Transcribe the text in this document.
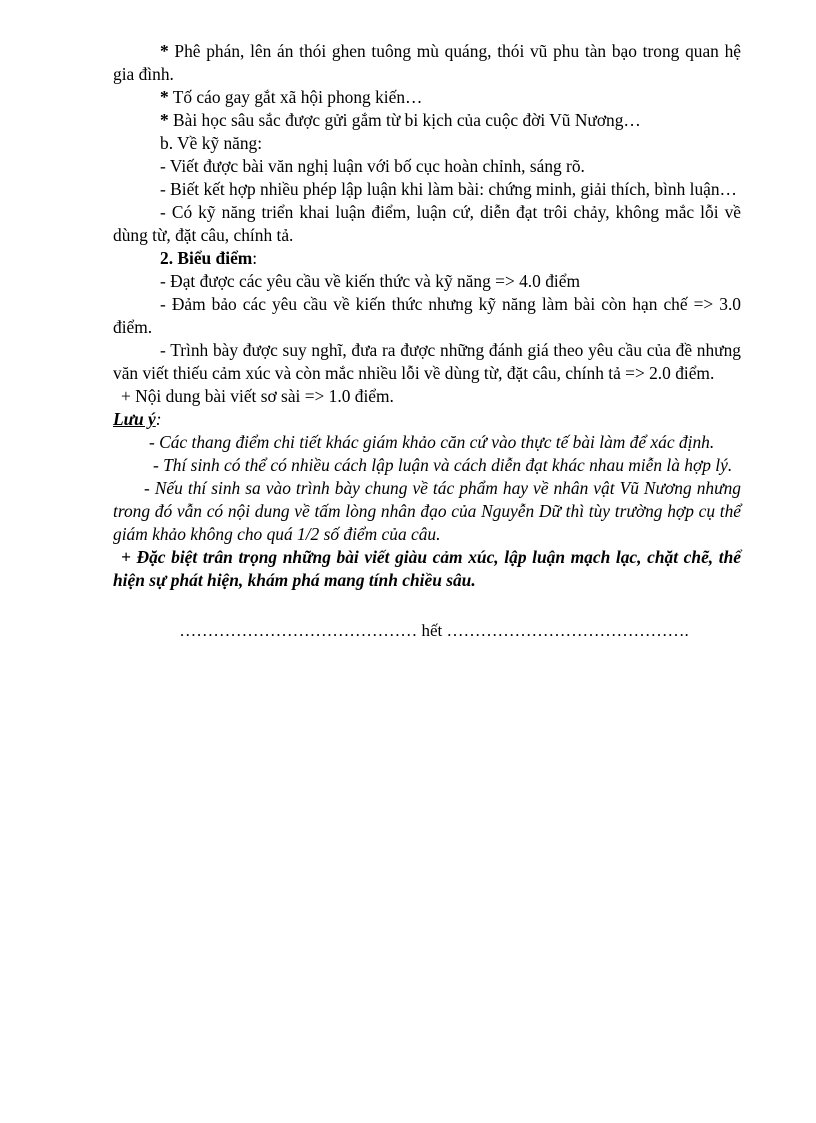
* Phê phán, lên án thói ghen tuông mù quáng, thói vũ phu tàn bạo trong quan hệ gia đình.

* Tố cáo gay gắt xã hội phong kiến…

* Bài học sâu sắc được gửi gắm từ bi kịch của cuộc đời Vũ Nương…

b. Về kỹ năng:

- Viết được bài văn nghị luận với bố cục hoàn chỉnh, sáng rõ.

- Biết kết hợp nhiều phép lập luận khi làm bài: chứng minh, giải thích, bình luận…

- Có kỹ năng triển khai luận điểm, luận cứ, diễn đạt trôi chảy, không mắc lỗi về dùng từ, đặt câu, chính tả.

2. Biểu điểm:

- Đạt được các yêu cầu về kiến thức và kỹ năng => 4.0 điểm

- Đảm bảo các yêu cầu về kiến thức nhưng kỹ năng làm bài còn hạn chế => 3.0 điểm.

- Trình bày được suy nghĩ, đưa ra được những đánh giá theo yêu cầu của đề nhưng văn viết thiếu cảm xúc và còn mắc nhiều lỗi về dùng từ, đặt câu, chính tả => 2.0 điểm.

+ Nội dung bài viết sơ sài => 1.0 điểm.

Lưu ý:

- Các thang điểm chi tiết khác giám khảo căn cứ vào thực tế bài làm để xác định.

- Thí sinh có thể có nhiều cách lập luận và cách diễn đạt khác nhau miễn là hợp lý.

- Nếu thí sinh sa vào trình bày chung về tác phẩm hay về nhân vật Vũ Nương nhưng trong đó vẫn có nội dung về tấm lòng nhân đạo của Nguyễn Dữ thì tùy trường hợp cụ thể giám khảo không cho quá 1/2 số điểm của câu.

+ Đặc biệt trân trọng những bài viết giàu cảm xúc, lập luận mạch lạc, chặt chẽ, thể hiện sự phát hiện, khám phá mang tính chiều sâu.

…………………………………… hết …………………………………….
